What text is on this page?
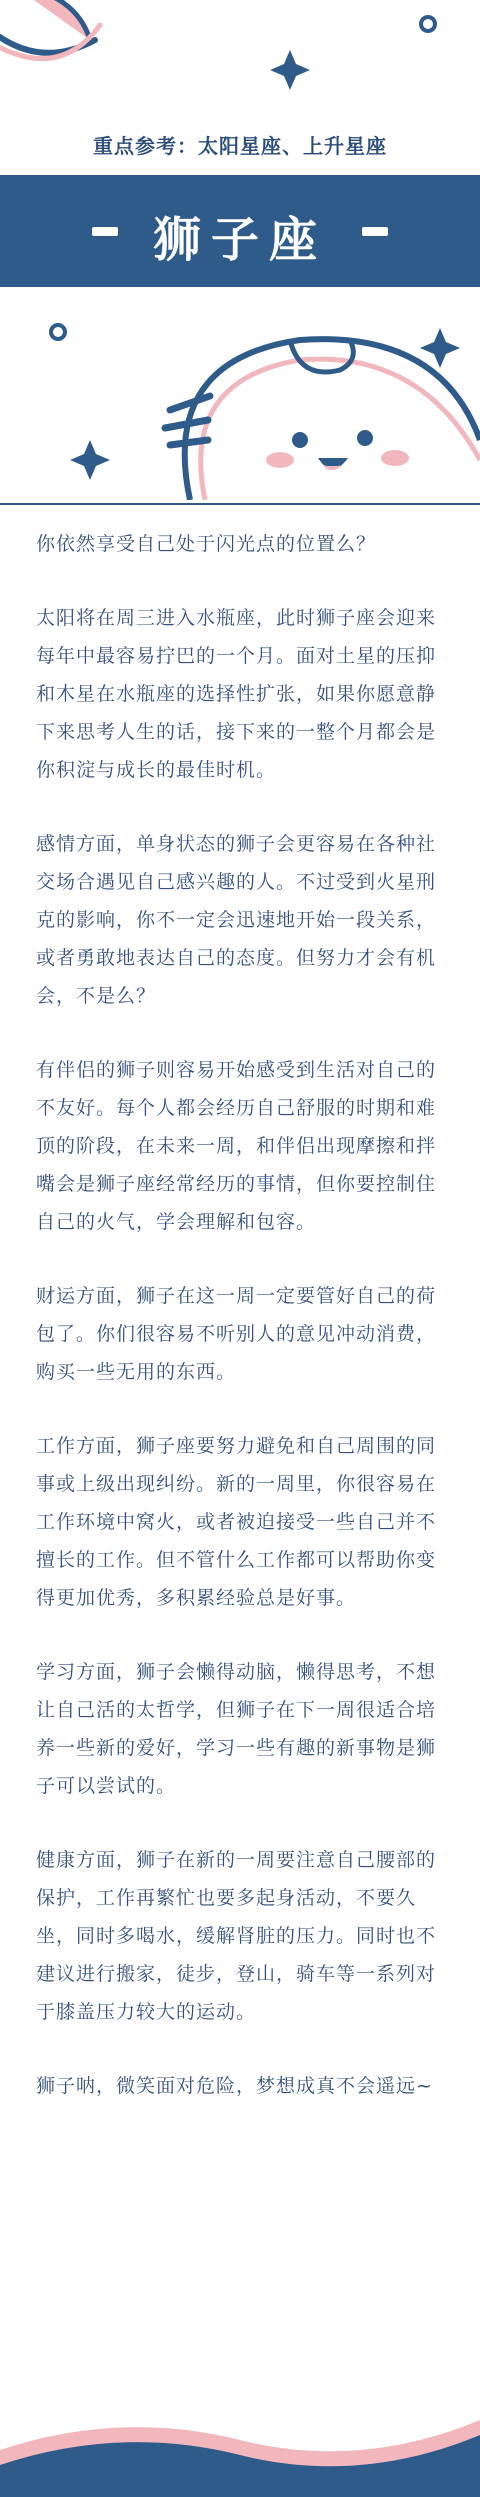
重点参考：太阳星座、上升星座
狮子座

你依然享受自己处于闪光点的位置么？

太阳将在周三进入水瓶座，此时狮子座会迎来每年中最容易拧巴的一个月。面对土星的压抑和木星在水瓶座的选择性扩张，如果你愿意静下来思考人生的话，接下来的一整个月都会是你积淀与成长的最佳时机。

感情方面，单身状态的狮子会更容易在各种社交场合遇见自己感兴趣的人。不过受到火星刑克的影响，你不一定会迅速地开始一段关系，或者勇敢地表达自己的态度。但努力才会有机会，不是么？

有伴侣的狮子则容易开始感受到生活对自己的不友好。每个人都会经历自己舒服的时期和难顶的阶段，在未来一周，和伴侣出现摩擦和拌嘴会是狮子座经常经历的事情，但你要控制住自己的火气，学会理解和包容。

财运方面，狮子在这一周一定要管好自己的荷包了。你们很容易不听别人的意见冲动消费，购买一些无用的东西。

工作方面，狮子座要努力避免和自己周围的同事或上级出现纠纷。新的一周里，你很容易在工作环境中窝火，或者被迫接受一些自己并不擅长的工作。但不管什么工作都可以帮助你变得更加优秀，多积累经验总是好事。

学习方面，狮子会懒得动脑，懒得思考，不想让自己活的太哲学，但狮子在下一周很适合培养一些新的爱好，学习一些有趣的新事物是狮子可以尝试的。

健康方面，狮子在新的一周要注意自己腰部的保护，工作再繁忙也要多起身活动，不要久坐，同时多喝水，缓解肾脏的压力。同时也不建议进行搬家，徒步，登山，骑车等一系列对于膝盖压力较大的运动。

狮子呐，微笑面对危险，梦想成真不会遥远~
